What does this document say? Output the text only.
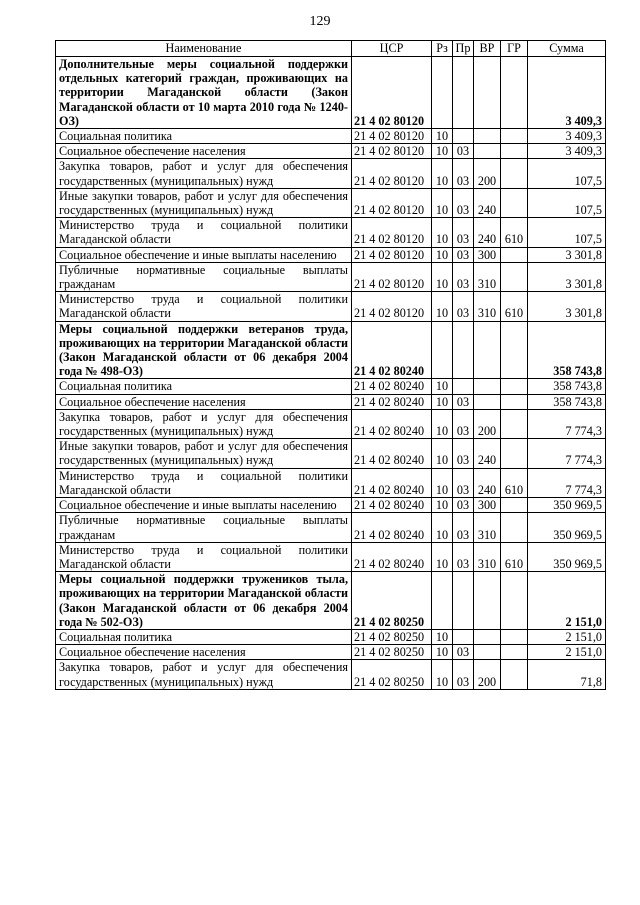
129
Наименование	ЦСР	Рз	Пр	ВР	ГР	Сумма
Дополнительные меры социальной поддержки отдельных категорий граждан, проживающих на территории Магаданской области (Закон Магаданской области от 10 марта 2010 года № 1240-ОЗ)	21 4 02 80120					3 409,3
Социальная политика	21 4 02 80120	10				3 409,3
Социальное обеспечение населения	21 4 02 80120	10	03			3 409,3
Закупка товаров, работ и услуг для обеспечения государственных (муниципальных) нужд	21 4 02 80120	10	03	200		107,5
Иные закупки товаров, работ и услуг для обеспечения государственных (муниципальных) нужд	21 4 02 80120	10	03	240		107,5
Министерство труда и социальной политики Магаданской области	21 4 02 80120	10	03	240	610	107,5
Социальное обеспечение и иные выплаты населению	21 4 02 80120	10	03	300		3 301,8
Публичные нормативные социальные выплаты гражданам	21 4 02 80120	10	03	310		3 301,8
Министерство труда и социальной политики Магаданской области	21 4 02 80120	10	03	310	610	3 301,8
Меры социальной поддержки ветеранов труда, проживающих на территории Магаданской области (Закон Магаданской области от 06 декабря 2004 года № 498-ОЗ)	21 4 02 80240					358 743,8
Социальная политика	21 4 02 80240	10				358 743,8
Социальное обеспечение населения	21 4 02 80240	10	03			358 743,8
Закупка товаров, работ и услуг для обеспечения государственных (муниципальных) нужд	21 4 02 80240	10	03	200		7 774,3
Иные закупки товаров, работ и услуг для обеспечения государственных (муниципальных) нужд	21 4 02 80240	10	03	240		7 774,3
Министерство труда и социальной политики Магаданской области	21 4 02 80240	10	03	240	610	7 774,3
Социальное обеспечение и иные выплаты населению	21 4 02 80240	10	03	300		350 969,5
Публичные нормативные социальные выплаты гражданам	21 4 02 80240	10	03	310		350 969,5
Министерство труда и социальной политики Магаданской области	21 4 02 80240	10	03	310	610	350 969,5
Меры социальной поддержки тружеников тыла, проживающих на территории Магаданской области (Закон Магаданской области от 06 декабря 2004 года № 502-ОЗ)	21 4 02 80250					2 151,0
Социальная политика	21 4 02 80250	10				2 151,0
Социальное обеспечение населения	21 4 02 80250	10	03			2 151,0
Закупка товаров, работ и услуг для обеспечения государственных (муниципальных) нужд	21 4 02 80250	10	03	200		71,8
